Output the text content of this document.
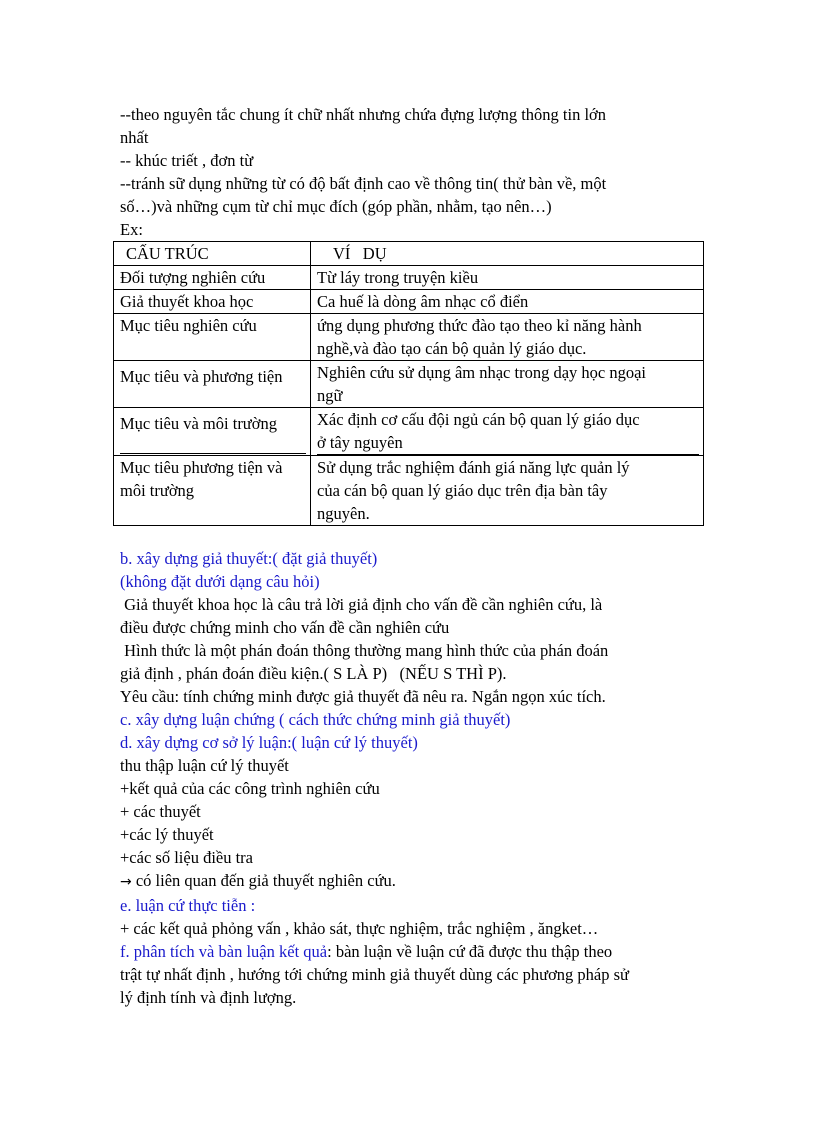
--theo nguyên tắc chung ít chữ nhất nhưng chứa đựng lượng thông tin lớn
nhất
-- khúc triết , đơn từ
--tránh sữ dụng những từ có độ bất định cao về thông tin( thử bàn về, một
số…)và những cụm từ chỉ mục đích (góp phần, nhằm, tạo nên…)
Ex:
CẤU TRÚC	VÍ   DỤ

Đối tượng nghiên cứu	Từ láy trong truyện kiều

Giả thuyết khoa học	Ca huế là dòng âm nhạc cổ điển

Mục tiêu nghiên cứu	ứng dụng phương thức đào tạo theo kỉ năng hành
nghề,và đào tạo cán bộ quản lý giáo dục.

Mục tiêu và phương tiện	Nghiên cứu sử dụng âm nhạc trong dạy học ngoại
ngữ

Mục tiêu và môi trường	Xác định cơ cấu đội ngủ cán bộ quan lý giáo dục
ở tây nguyên

Mục tiêu phương tiện và
môi trường	Sử dụng trắc nghiệm đánh giá năng lực quản lý
của cán bộ quan lý giáo dục trên địa bàn tây
nguyên.
b. xây dựng giả thuyết:( đặt giả thuyết)
(không đặt dưới dạng câu hỏi)
Giả thuyết khoa học là câu trả lời giả định cho vấn đề cần nghiên cứu, là
điều được chứng minh cho vấn đề cần nghiên cứu
Hình thức là một phán đoán thông thường mang hình thức của phán đoán
giả định , phán đoán điều kiện.( S LÀ P)   (NẾU S THÌ P).
Yêu cầu: tính chứng minh được giả thuyết đã nêu ra. Ngắn ngọn xúc tích.
c. xây dựng luận chứng ( cách thức chứng minh giả thuyết)
d. xây dựng cơ sở lý luận:( luận cứ lý thuyết)
thu thập luận cứ lý thuyết
+kết quả của các công trình nghiên cứu
+ các thuyết
+các lý thuyết
+các số liệu điều tra
→ có liên quan đến giả thuyết nghiên cứu.
e. luận cứ thực tiễn :
+ các kết quả phỏng vấn , khảo sát, thực nghiệm, trắc nghiệm , ăngket…
f. phân tích và bàn luận kết quả: bàn luận về luận cứ đã được thu thập theo
trật tự nhất định , hướng tới chứng minh giả thuyết dùng các phương pháp sử
lý định tính và định lượng.
